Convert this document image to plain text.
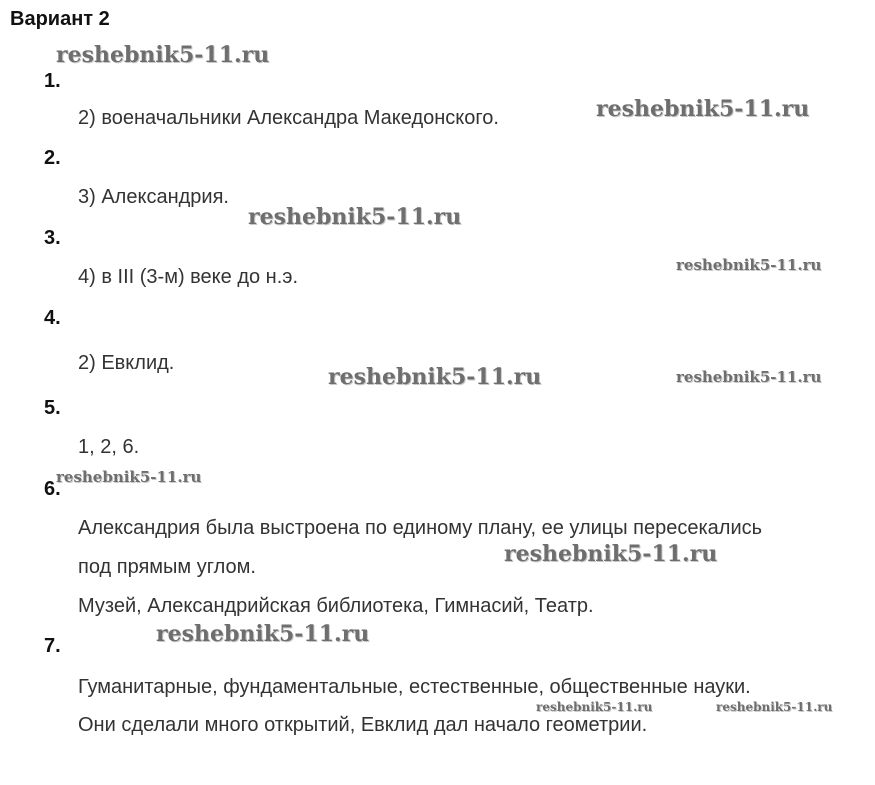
Вариант 2
1.
2) военачальники Александра Македонского.
2.
3) Александрия.
3.
4) в III (3-м) веке до н.э.
4.
2) Евклид.
5.
1, 2, 6.
6.
Александрия была выстроена по единому плану, ее улицы пересекались
под прямым углом.
Музей, Александрийская библиотека, Гимнасий, Театр.
7.
Гуманитарные, фундаментальные, естественные, общественные науки.
Они сделали много открытий, Евклид дал начало геометрии.
reshebnik5-11.ru
reshebnik5-11.ru
reshebnik5-11.ru
reshebnik5-11.ru
reshebnik5-11.ru	reshebnik5-11.ru
reshebnik5-11.ru
reshebnik5-11.ru
reshebnik5-11.ru
reshebnik5-11.ru	reshebnik5-11.ru
